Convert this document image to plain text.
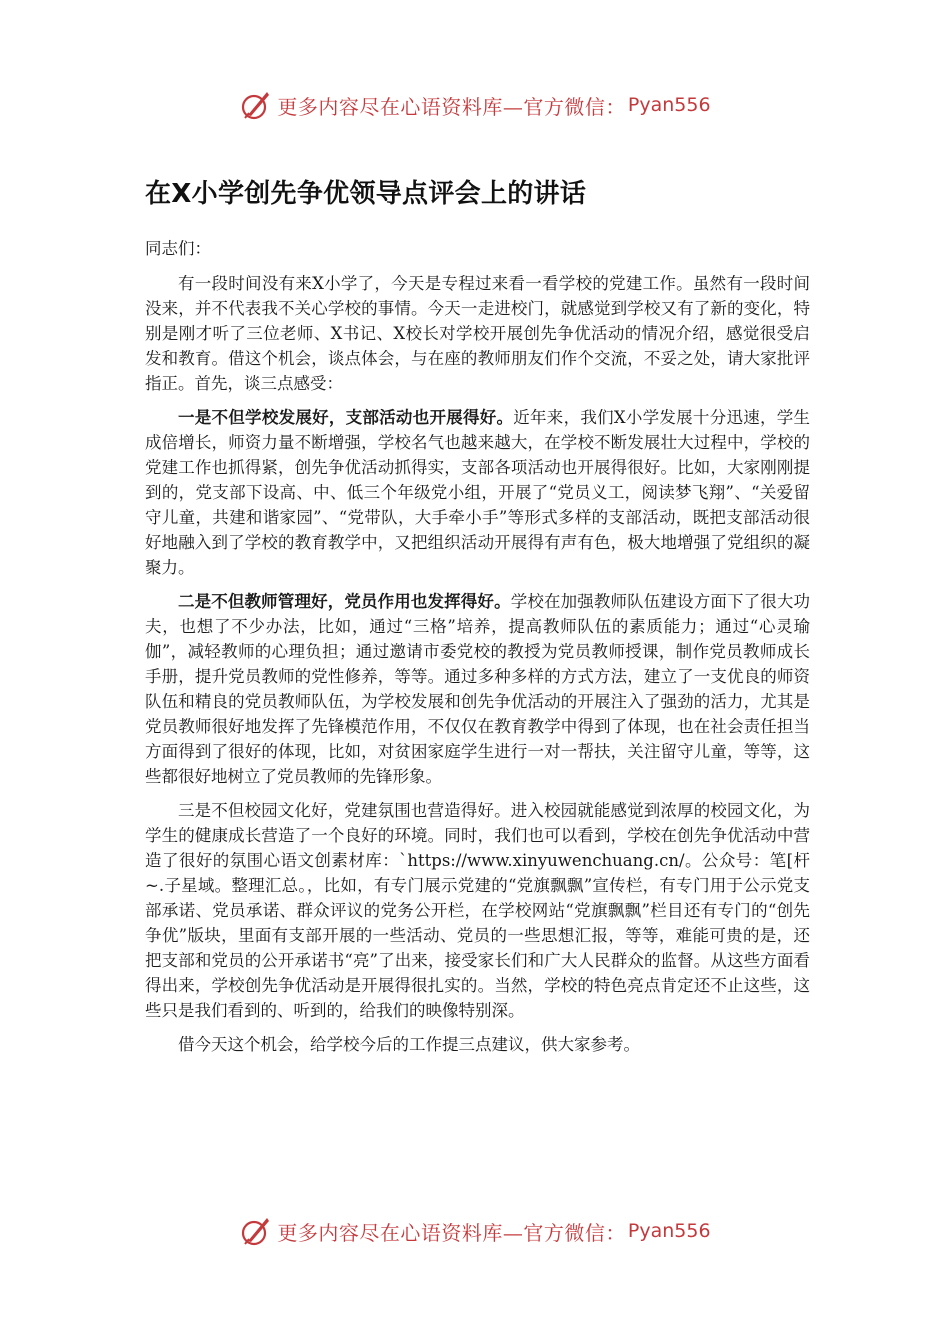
更多内容尽在心语资料库—官方微信： Pyan556
在X小学创先争优领导点评会上的讲话
同志们：

有一段时间没有来X小学了，今天是专程过来看一看学校的党建工作。虽然有一段时间没来，并不代表我不关心学校的事情。今天一走进校门，就感觉到学校又有了新的变化，特别是刚才听了三位老师、X书记、X校长对学校开展创先争优活动的情况介绍，感觉很受启发和教育。借这个机会，谈点体会，与在座的教师朋友们作个交流，不妥之处，请大家批评指正。首先，谈三点感受：

一是不但学校发展好，支部活动也开展得好。近年来，我们X小学发展十分迅速，学生成倍增长，师资力量不断增强，学校名气也越来越大，在学校不断发展壮大过程中，学校的党建工作也抓得紧，创先争优活动抓得实，支部各项活动也开展得很好。比如，大家刚刚提到的，党支部下设高、中、低三个年级党小组，开展了“党员义工，阅读梦飞翔”、“关爱留守儿童，共建和谐家园”、“党带队，大手牵小手”等形式多样的支部活动，既把支部活动很好地融入到了学校的教育教学中，又把组织活动开展得有声有色，极大地增强了党组织的凝聚力。

二是不但教师管理好，党员作用也发挥得好。学校在加强教师队伍建设方面下了很大功夫，也想了不少办法，比如，通过“三格”培养，提高教师队伍的素质能力；通过“心灵瑜伽”，减轻教师的心理负担；通过邀请市委党校的教授为党员教师授课，制作党员教师成长手册，提升党员教师的党性修养，等等。通过多种多样的方式方法，建立了一支优良的师资队伍和精良的党员教师队伍，为学校发展和创先争优活动的开展注入了强劲的活力，尤其是党员教师很好地发挥了先锋模范作用，不仅仅在教育教学中得到了体现，也在社会责任担当方面得到了很好的体现，比如，对贫困家庭学生进行一对一帮扶，关注留守儿童，等等，这些都很好地树立了党员教师的先锋形象。

三是不但校园文化好，党建氛围也营造得好。进入校园就能感觉到浓厚的校园文化，为学生的健康成长营造了一个良好的环境。同时，我们也可以看到，学校在创先争优活动中营造了很好的氛围心语文创素材库：`https://www.xinyuwenchuang.cn/。公众号：笔[杆~.子星域。整理汇总。，比如，有专门展示党建的“党旗飘飘”宣传栏，有专门用于公示党支部承诺、党员承诺、群众评议的党务公开栏，在学校网站“党旗飘飘”栏目还有专门的“创先争优”版块，里面有支部开展的一些活动、党员的一些思想汇报，等等，难能可贵的是，还把支部和党员的公开承诺书“亮”了出来，接受家长们和广大人民群众的监督。从这些方面看得出来，学校创先争优活动是开展得很扎实的。当然，学校的特色亮点肯定还不止这些，这些只是我们看到的、听到的，给我们的映像特别深。

借今天这个机会，给学校今后的工作提三点建议，供大家参考。

更多内容尽在心语资料库—官方微信： Pyan556
